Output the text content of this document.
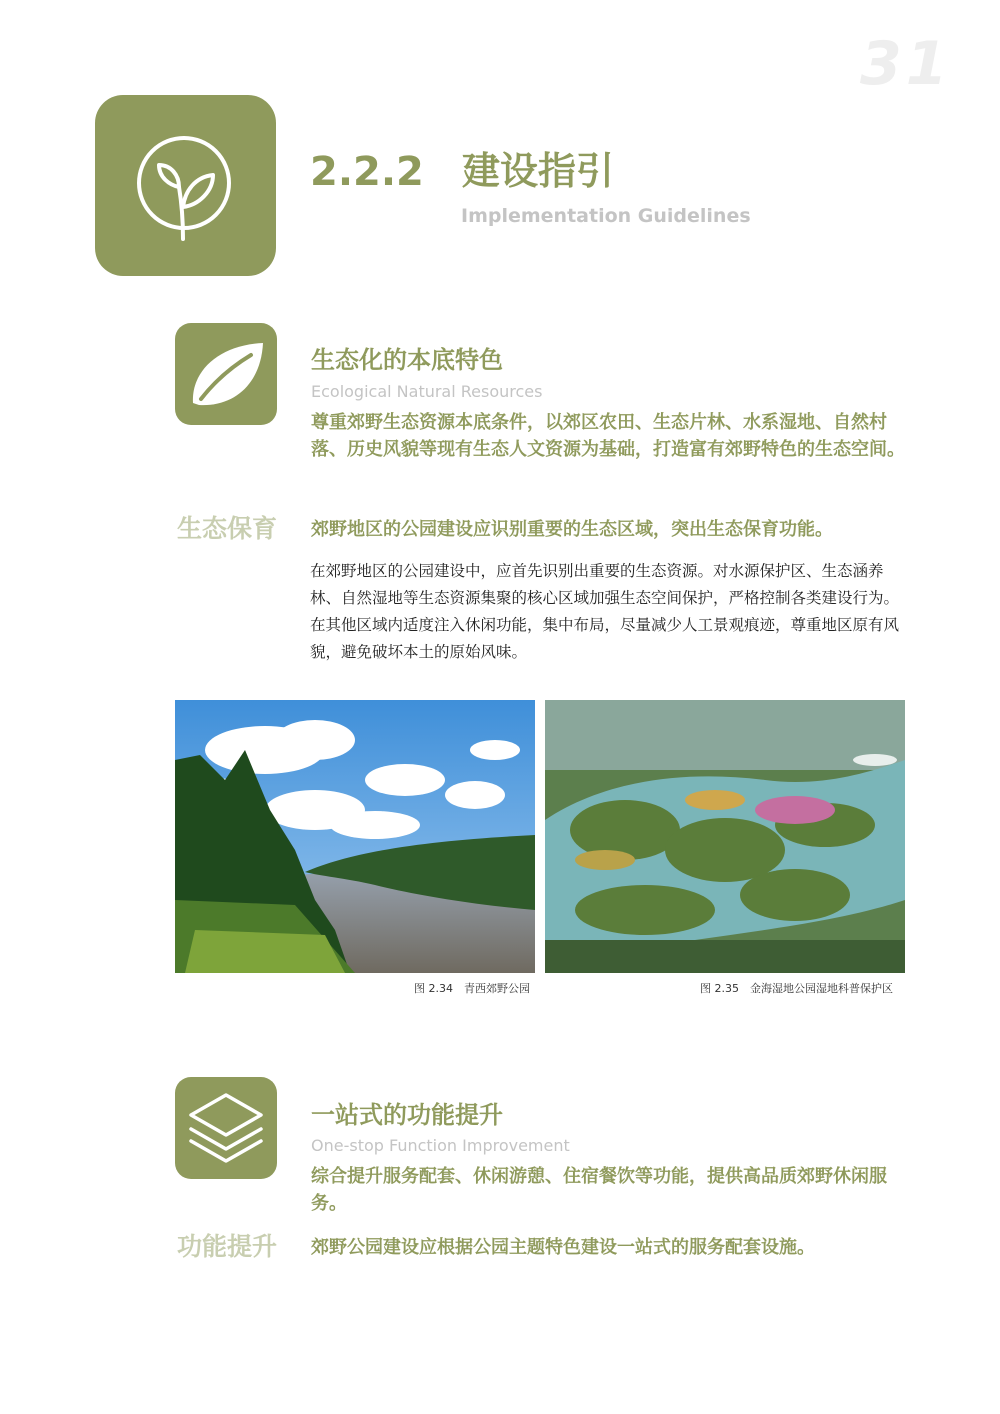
31
2.2.2 建设指引
Implementation Guidelines
生态化的本底特色
Ecological Natural Resources
尊重郊野生态资源本底条件，以郊区农田、生态片林、水系湿地、自然村落、历史风貌等现有生态人文资源为基础，打造富有郊野特色的生态空间。
生态保育 郊野地区的公园建设应识别重要的生态区域，突出生态保育功能。
在郊野地区的公园建设中，应首先识别出重要的生态资源。对水源保护区、生态涵养林、自然湿地等生态资源集聚的核心区域加强生态空间保护，严格控制各类建设行为。在其他区域内适度注入休闲功能，集中布局，尽量减少人工景观痕迹，尊重地区原有风貌，避免破坏本土的原始风味。
图 2.34　青西郊野公园	图 2.35　金海湿地公园湿地科普保护区
一站式的功能提升
One-stop Function Improvement
综合提升服务配套、休闲游憩、住宿餐饮等功能，提供高品质郊野休闲服务。
功能提升 郊野公园建设应根据公园主题特色建设一站式的服务配套设施。
